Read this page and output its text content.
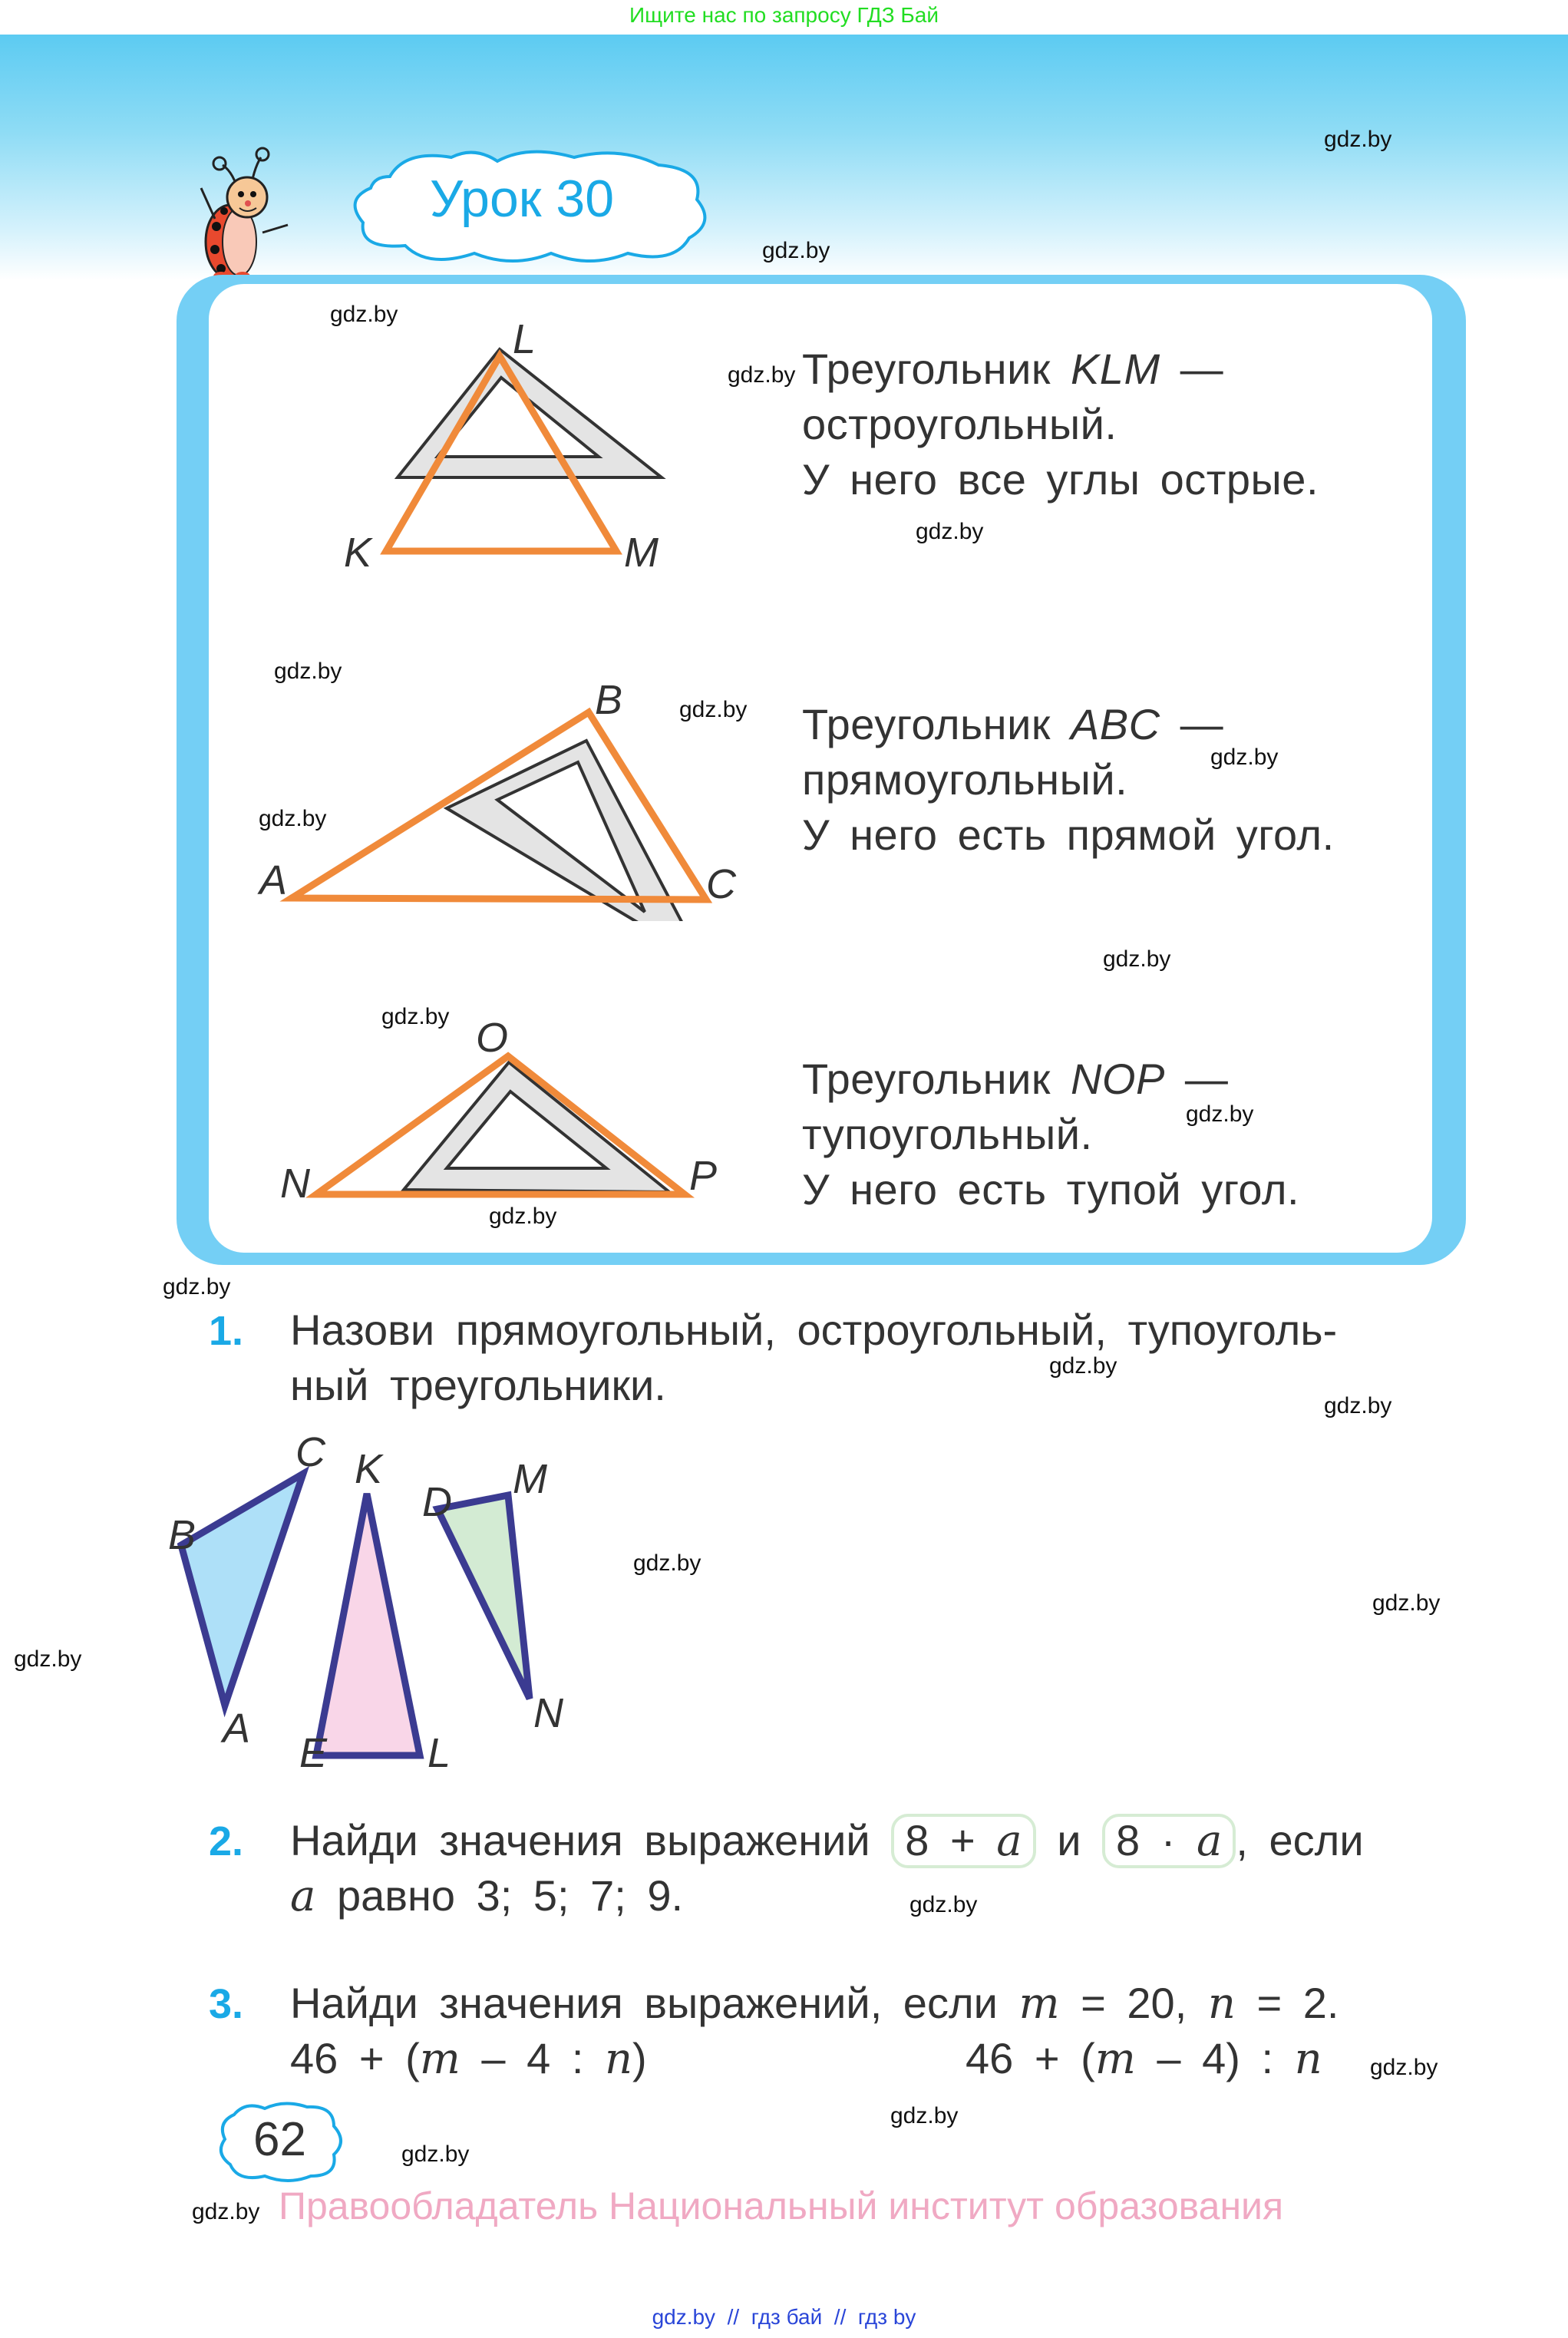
Ищите нас по запросу ГДЗ Бай
Урок 30
gdz.by
gdz.by
K
L
M
gdz.by
Треугольник KLM —
остроугольный.
У него все углы острые.
gdz.by
gdz.by
A
B
C
gdz.by
gdz.by
gdz.by
Треугольник ABC —
прямоугольный.
У него есть прямой угол.
gdz.by
gdz.by
N
O
P
gdz.by
gdz.by
Треугольник NOP —
тупоугольный.
У него есть тупой угол.
gdz.by
gdz.by
1. Назови прямоугольный, остроугольный, тупоуголь-
ный треугольники.	gdz.by
gdz.by
B
C
A
K
E L
D M
N
gdz.by
gdz.by
gdz.by
2. Найди значения выражений 8 + a и 8 · a , если
a равно 3; 5; 7; 9.	gdz.by
3. Найди значения выражений, если m = 20, n = 2.
46 + (m – 4 : n)	46 + (m – 4) : n gdz.by
62	gdz.by
gdz.by
gdz.by Правообладатель Национальный институт образования
gdz.by  //  гдз бай  //  гдз by
